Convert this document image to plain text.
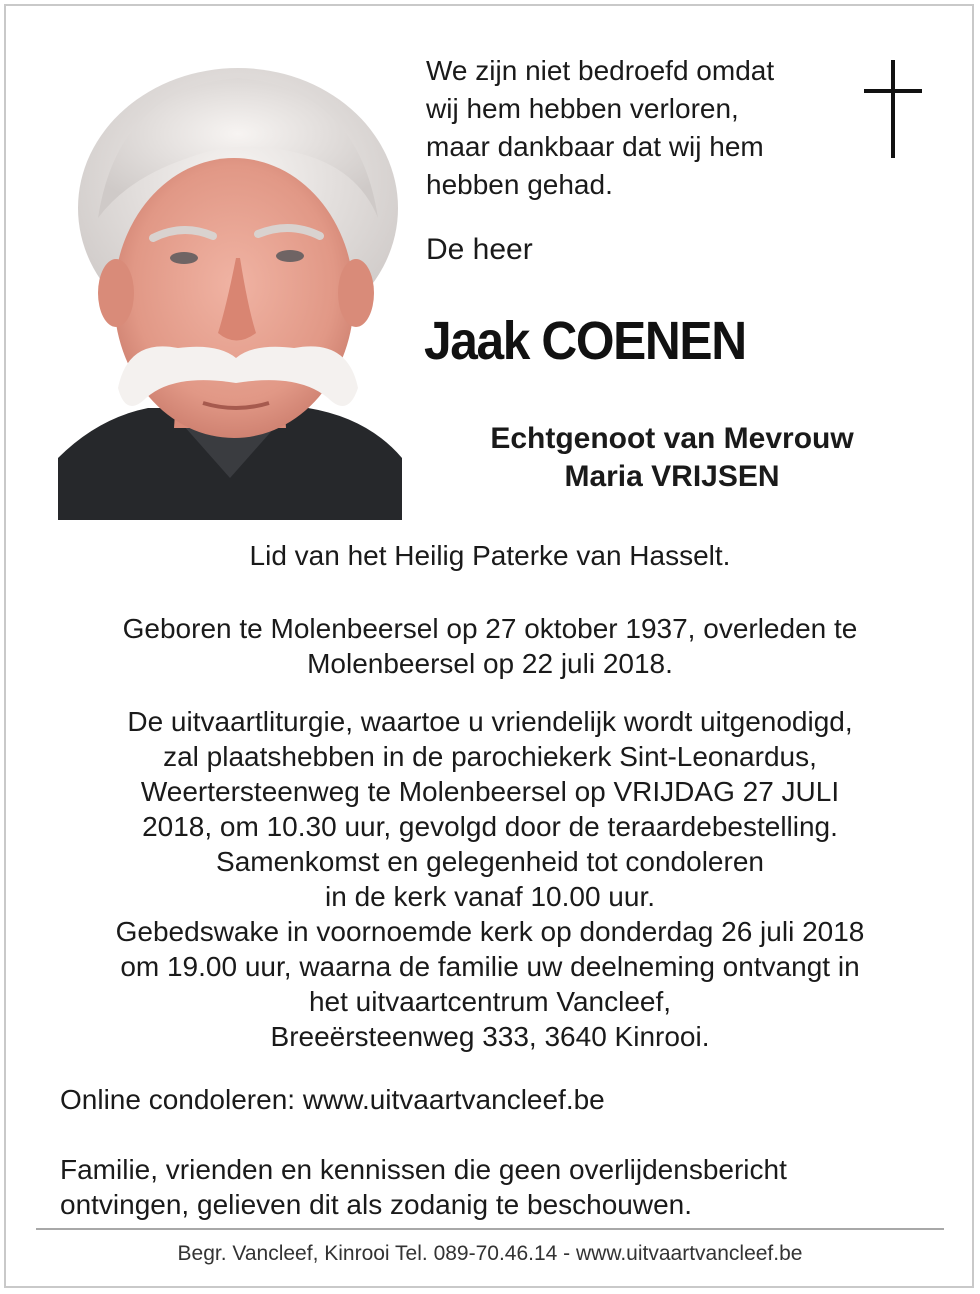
We zijn niet bedroefd omdat
wij hem hebben verloren,
maar dankbaar dat wij hem
hebben gehad.
De heer
Jaak COENEN
Echtgenoot van Mevrouw
Maria VRIJSEN
Lid van het Heilig Paterke van Hasselt.
Geboren te Molenbeersel op 27 oktober 1937, overleden te
Molenbeersel op 22 juli 2018.
De uitvaartliturgie, waartoe u vriendelijk wordt uitgenodigd,
zal plaatshebben in de parochiekerk Sint-Leonardus,
Weertersteenweg te Molenbeersel op VRIJDAG 27 JULI
2018, om 10.30 uur, gevolgd door de teraardebestelling.
Samenkomst en gelegenheid tot condoleren
in de kerk vanaf 10.00 uur.
Gebedswake in voornoemde kerk op donderdag 26 juli 2018
om 19.00 uur, waarna de familie uw deelneming ontvangt in
het uitvaartcentrum Vancleef,
Breeërsteenweg 333, 3640 Kinrooi.
Online condoleren: www.uitvaartvancleef.be
Familie, vrienden en kennissen die geen overlijdensbericht
ontvingen, gelieven dit als zodanig te beschouwen.
Begr. Vancleef, Kinrooi Tel. 089-70.46.14 - www.uitvaartvancleef.be
